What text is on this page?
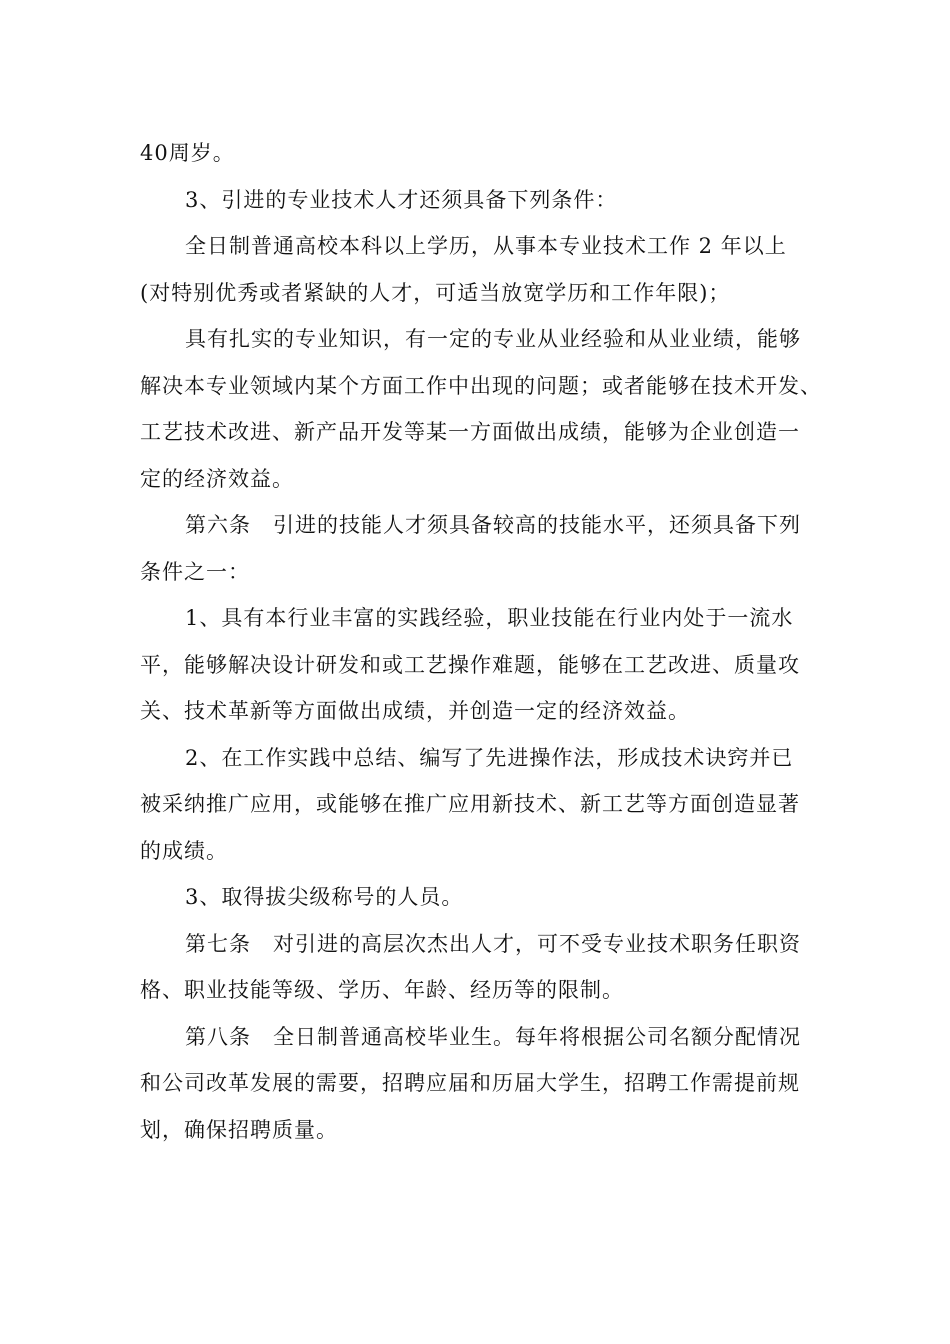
40周岁。
3、引进的专业技术人才还须具备下列条件：
全日制普通高校本科以上学历，从事本专业技术工作 2 年以上
(对特别优秀或者紧缺的人才，可适当放宽学历和工作年限)；
具有扎实的专业知识，有一定的专业从业经验和从业业绩，能够
解决本专业领域内某个方面工作中出现的问题；或者能够在技术开发、
工艺技术改进、新产品开发等某一方面做出成绩，能够为企业创造一
定的经济效益。
第六条　引进的技能人才须具备较高的技能水平，还须具备下列
条件之一：
1、具有本行业丰富的实践经验，职业技能在行业内处于一流水
平，能够解决设计研发和或工艺操作难题，能够在工艺改进、质量攻
关、技术革新等方面做出成绩，并创造一定的经济效益。
2、在工作实践中总结、编写了先进操作法，形成技术诀窍并已
被采纳推广应用，或能够在推广应用新技术、新工艺等方面创造显著
的成绩。
3、取得拔尖级称号的人员。
第七条　对引进的高层次杰出人才，可不受专业技术职务任职资
格、职业技能等级、学历、年龄、经历等的限制。
第八条　全日制普通高校毕业生。每年将根据公司名额分配情况
和公司改革发展的需要，招聘应届和历届大学生，招聘工作需提前规
划，确保招聘质量。
